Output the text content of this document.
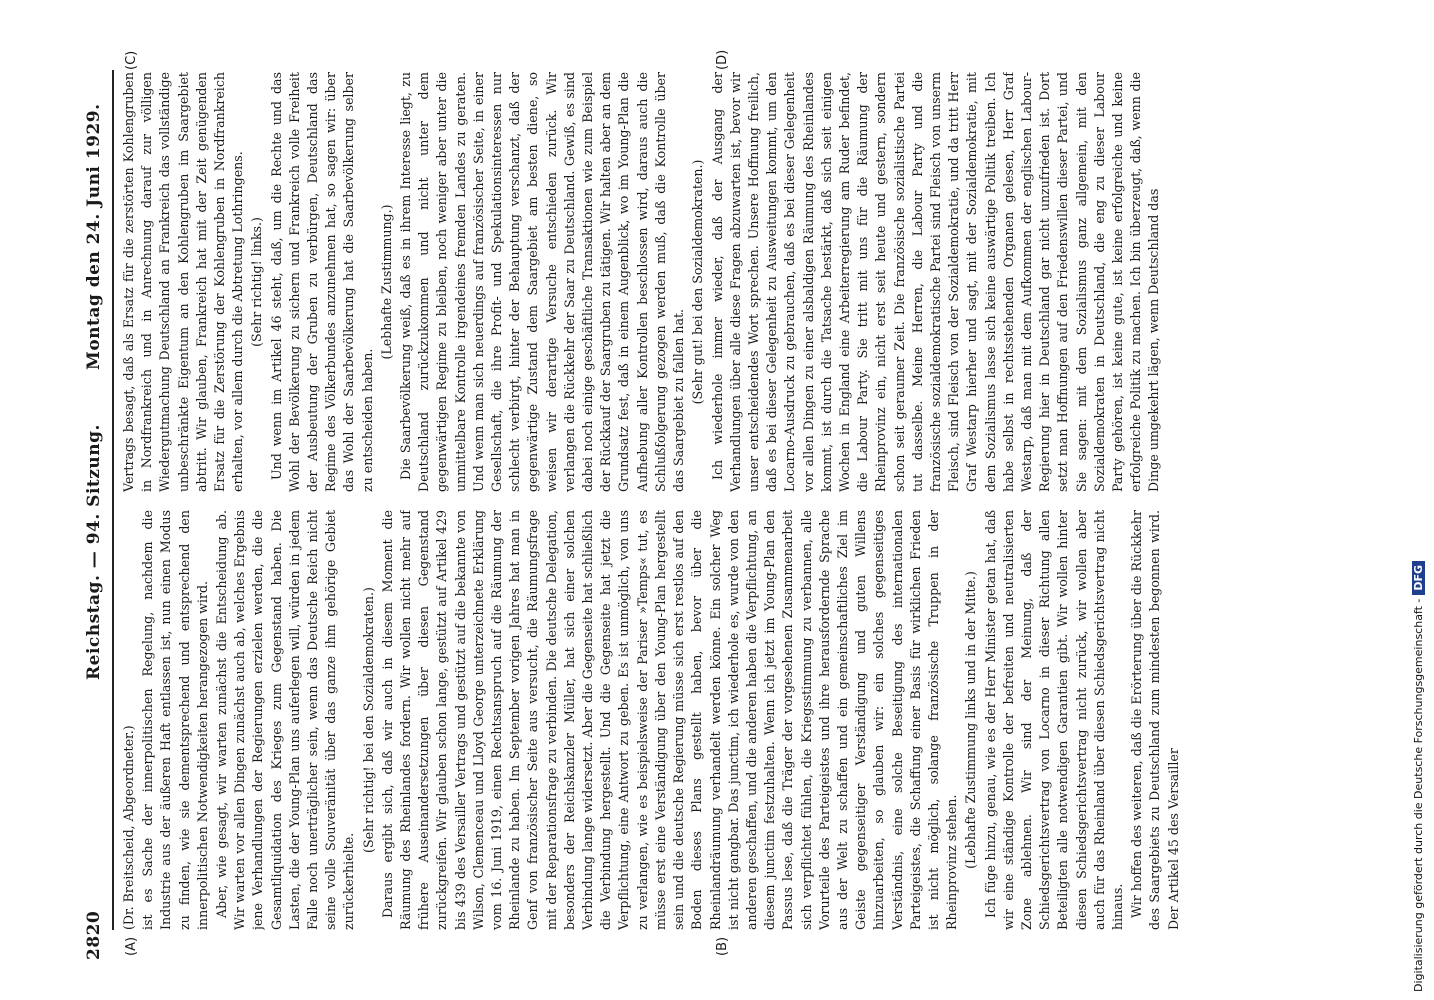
2820
Reichstag. — 94. Sitzung.
Montag den 24. Juni 1929.
(A)	(B)
(C)	(D)

(Dr. Breitscheid, Abgeordneter.) ist es Sache der innerpolitischen Regelung, nachdem die Industrie aus der äußeren Haft entlassen ist, nun einen Modus zu finden, wie sie dementsprechend und entsprechend den innerpolitischen Notwendigkeiten herangezogen wird. Aber, wie gesagt, wir warten zunächst die Entscheidung ab. Wir warten vor allen Dingen zunächst auch ab, welches Ergebnis jene Verhandlungen der Regierungen erzielen werden, die die Gesamtliquidation des Krieges zum Gegenstand haben. Die Lasten, die der Young-Plan uns auferlegen will, würden in jedem Falle noch unerträglicher sein, wenn das Deutsche Reich nicht seine volle Souveränität über das ganze ihm gehörige Gebiet zurückerhielte.

(Sehr richtig! bei den Sozialdemokraten.) Daraus ergibt sich, daß wir auch in diesem Moment die Räumung des Rheinlandes fordern. Wir wollen nicht mehr auf frühere Auseinandersetzungen über diesen Gegenstand zurückgreifen. Wir glauben schon lange, gestützt auf Artikel 429 bis 439 des Versailler Vertrags und gestützt auf die bekannte von Wilson, Clemenceau und Lloyd George unterzeichnete Erklärung vom 16. Juni 1919, einen Rechtsanspruch auf die Räumung der Rheinlande zu haben. Im September vorigen Jahres hat man in Genf von französischer Seite aus versucht, die Räumungsfrage mit der Reparationsfrage zu verbinden. Die deutsche Delegation, besonders der Reichskanzler Müller, hat sich einer solchen Verbindung lange widersetzt. Aber die Gegenseite hat schließlich die Verbindung hergestellt. Und die Gegenseite hat jetzt die Verpflichtung, eine Antwort zu geben. Es ist unmöglich, von uns zu verlangen, wie es beispielsweise der Pariser »Temps« tut, es müsse erst eine Verständigung über den Young-Plan hergestellt sein und die deutsche Regierung müsse sich erst restlos auf den Boden dieses Plans gestellt haben, bevor über die Rheinlandräumung verhandelt werden könne. Ein solcher Weg ist nicht gangbar. Das junctim, ich wiederhole es, wurde von den anderen geschaffen, und die anderen haben die Verpflichtung, an diesem junctim festzuhalten. Wenn ich jetzt im Young-Plan den Passus lese, daß die Träger der vorgesehenen Zusammenarbeit sich verpflichtet fühlen, die Kriegsstimmung zu verbannen, alle Vorurteile des Parteigeistes und ihre herausfordernde Sprache aus der Welt zu schaffen und ein gemeinschaftliches Ziel im Geiste gegenseitiger Verständigung und guten Willens hinzuarbeiten, so glauben wir: ein solches gegenseitiges Verständnis, eine solche Beseitigung des internationalen Parteigeistes, die Schaffung einer Basis für wirklichen Frieden ist nicht möglich, solange französische Truppen in der Rheinprovinz stehen. (Lebhafte Zustimmung links und in der Mitte.) Ich füge hinzu, genau, wie es der Herr Minister getan hat, daß wir eine ständige Kontrolle der befreiten und neutralisierten Zone ablehnen. Wir sind der Meinung, daß der Schiedsgerichtsvertrag von Locarno in dieser Richtung allen Beteiligten alle notwendigen Garantien gibt. Wir wollen hinter diesen Schiedsgerichtsvertrag nicht zurück, wir wollen aber auch für das Rheinland über diesen Schiedsgerichtsvertrag nicht hinaus. Wir hoffen des weiteren, daß die Erörterung über die Rückkehr des Saargebiets zu Deutschland zum mindesten begonnen wird. Der Artikel 45 des Versailler

Vertrags besagt, daß als Ersatz für die zerstörten Kohlengruben in Nordfrankreich und in Anrechnung darauf zur völligen Wiedergutmachung Deutschland an Frankreich das vollständige unbeschränkte Eigentum an den Kohlengruben im Saargebiet abtritt. Wir glauben, Frankreich hat mit der Zeit genügenden Ersatz für die Zerstörung der Kohlengruben in Nordfrankreich erhalten, vor allem durch die Abtretung Lothringens. (Sehr richtig! links.) Und wenn im Artikel 46 steht, daß, um die Rechte und das Wohl der Bevölkerung zu sichern und Frankreich volle Freiheit der Ausbeutung der Gruben zu verbürgen, Deutschland das Regime des Völkerbundes anzunehmen hat, so sagen wir: über das Wohl der Saarbevölkerung hat die Saarbevölkerung selber zu entscheiden haben.

(Lebhafte Zustimmung.) Die Saarbevölkerung weiß, daß es in ihrem Interesse liegt, zu Deutschland zurückzukommen und nicht unter dem gegenwärtigen Regime zu bleiben, noch weniger aber unter die unmittelbare Kontrolle irgendeines fremden Landes zu geraten. Und wenn man sich neuerdings auf französischer Seite, in einer Gesellschaft, die ihre Profit- und Spekulationsinteressen nur schlecht verbirgt, hinter der Behauptung verschanzt, daß der gegenwärtige Zustand dem Saargebiet am besten diene, so weisen wir derartige Versuche entschieden zurück. Wir verlangen die Rückkehr der Saar zu Deutschland. Gewiß, es sind dabei noch einige geschäftliche Transaktionen wie zum Beispiel der Rückkauf der Saargruben zu tätigen. Wir halten aber an dem Grundsatz fest, daß in einem Augenblick, wo im Young-Plan die Aufhebung aller Kontrollen beschlossen wird, daraus auch die Schlußfolgerung gezogen werden muß, daß die Kontrolle über das Saargebiet zu fallen hat. (Sehr gut! bei den Sozialdemokraten.) Ich wiederhole immer wieder, daß der Ausgang der Verhandlungen über alle diese Fragen abzuwarten ist, bevor wir unser entscheidendes Wort sprechen. Unsere Hoffnung freilich, daß es bei dieser Gelegenheit zu Ausweitungen kommt, um den Locarno-Ausdruck zu gebrauchen, daß es bei dieser Gelegenheit vor allen Dingen zu einer alsbaldigen Räumung des Rheinlandes kommt, ist durch die Tatsache bestärkt, daß sich seit einigen Wochen in England eine Arbeiterregierung am Ruder befindet, die Labour Party. Sie tritt mit uns für die Räumung der Rheinprovinz ein, nicht erst seit heute und gestern, sondern schon seit geraumer Zeit. Die französische sozialistische Partei tut dasselbe. Meine Herren, die Labour Party und die französische sozialdemokratische Partei sind Fleisch von unserm Fleisch, sind Fleisch von der Sozialdemokratie, und da tritt Herr Graf Westarp hierher und sagt, mit der Sozialdemokratie, mit dem Sozialismus lasse sich keine auswärtige Politik treiben. Ich habe selbst in rechtsstehenden Organen gelesen, Herr Graf Westarp, daß man mit dem Aufkommen der englischen Labour-Regierung hier in Deutschland gar nicht unzufrieden ist. Dort setzt man Hoffnungen auf den Friedenswillen dieser Partei, und Sie sagen: mit dem Sozialismus ganz allgemein, mit den Sozialdemokraten in Deutschland, die eng zu dieser Labour Party gehören, ist keine gute, ist keine erfolgreiche und keine erfolgreiche Politik zu machen. Ich bin überzeugt, daß, wenn die Dinge umgekehrt lägen, wenn Deutschland das

Digitalisierung gefördert durch die Deutsche Forschungsgemeinschaft -DFG
